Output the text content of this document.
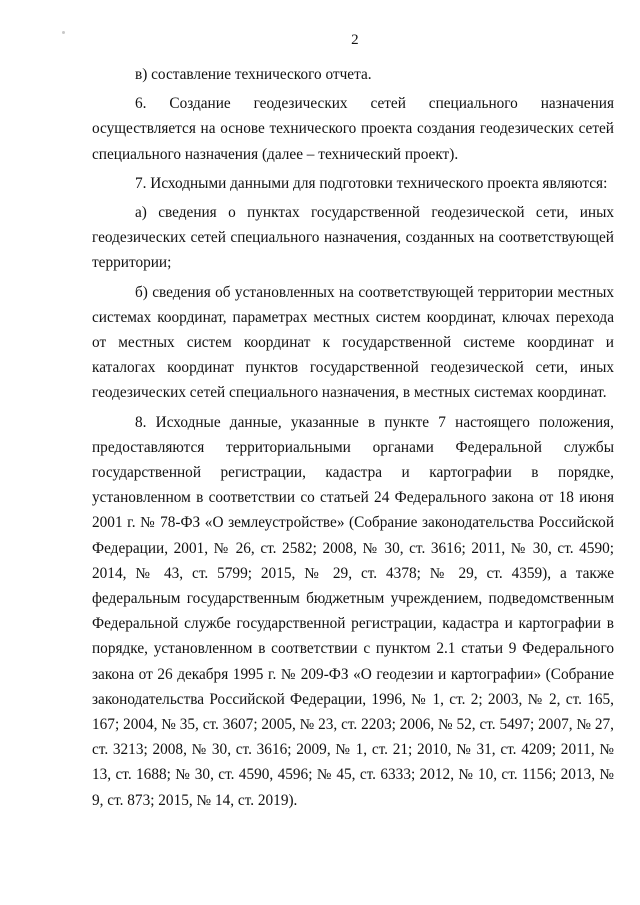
2

в) составление технического отчета.

6. Создание геодезических сетей специального назначения осуществляется на основе технического проекта создания геодезических сетей специального назначения (далее – технический проект).

7. Исходными данными для подготовки технического проекта являются:

а) сведения о пунктах государственной геодезической сети, иных геодезических сетей специального назначения, созданных на соответствующей территории;

б) сведения об установленных на соответствующей территории местных системах координат, параметрах местных систем координат, ключах перехода от местных систем координат к государственной системе координат и каталогах координат пунктов государственной геодезической сети, иных геодезических сетей специального назначения, в местных системах координат.

8. Исходные данные, указанные в пункте 7 настоящего положения, предоставляются территориальными органами Федеральной службы государственной регистрации, кадастра и картографии в порядке, установленном в соответствии со статьей 24 Федерального закона от 18 июня 2001 г. № 78-ФЗ «О землеустройстве» (Собрание законодательства Российской Федерации, 2001, № 26, ст. 2582; 2008, № 30, ст. 3616; 2011, № 30, ст. 4590; 2014, № 43, ст. 5799; 2015, № 29, ст. 4378; № 29, ст. 4359), а также федеральным государственным бюджетным учреждением, подведомственным Федеральной службе государственной регистрации, кадастра и картографии в порядке, установленном в соответствии с пунктом 2.1 статьи 9 Федерального закона от 26 декабря 1995 г. № 209-ФЗ «О геодезии и картографии» (Собрание законодательства Российской Федерации, 1996, № 1, ст. 2; 2003, № 2, ст. 165, 167; 2004, № 35, ст. 3607; 2005, № 23, ст. 2203; 2006, № 52, ст. 5497; 2007, № 27, ст. 3213; 2008, № 30, ст. 3616; 2009, № 1, ст. 21; 2010, № 31, ст. 4209; 2011, № 13, ст. 1688; № 30, ст. 4590, 4596; № 45, ст. 6333; 2012, № 10, ст. 1156; 2013, № 9, ст. 873; 2015, № 14, ст. 2019).
